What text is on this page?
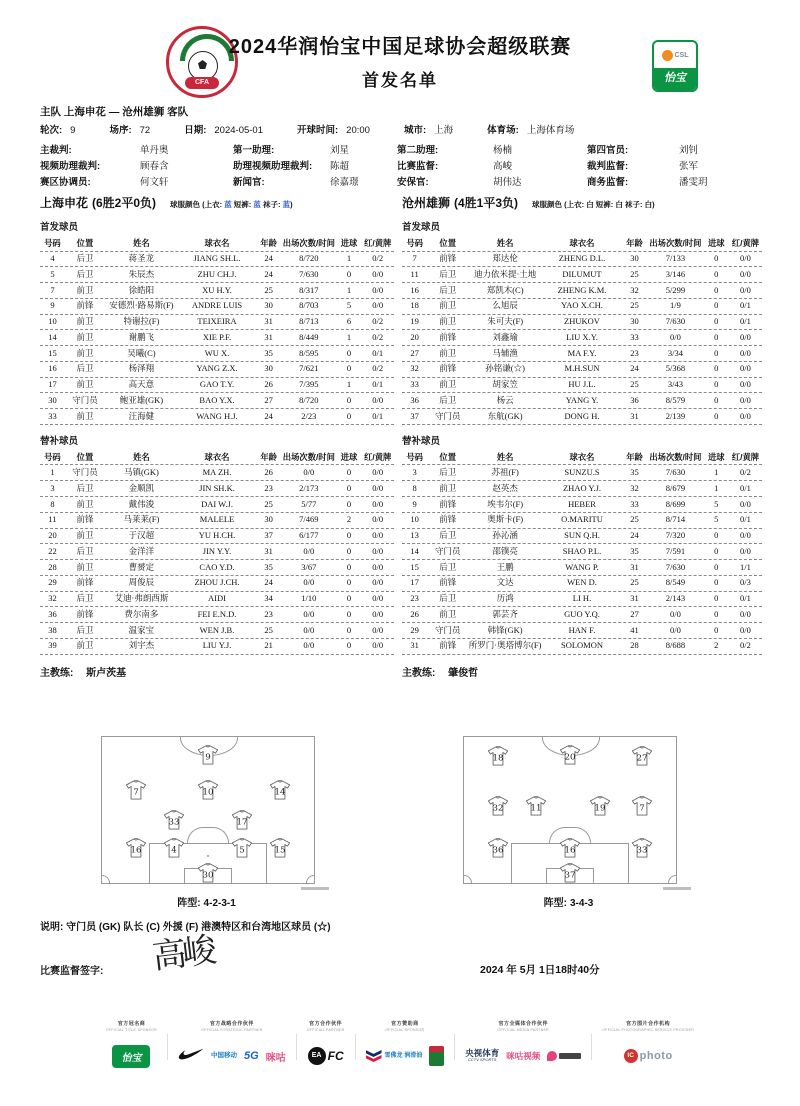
CFA
2024华润怡宝中国足球协会超级联赛
首发名单
CSL
怡宝
主队 上海申花 — 沧州雄狮 客队
轮次: 9	场序: 72	日期: 2024-05-01	开球时间: 20:00	城市: 上海	体育场: 上海体育场
主裁判:	单丹奥	第一助理:	刘星	第二助理:	杨楠	第四官员:	刘钊
视频助理裁判:	顾春含	助理视频助理裁判: 陈超	比赛监督:	高峻	裁判监督:	张军
赛区协调员:	何文轩	新闻官:	徐嘉璟	安保官:	胡伟达	商务监督:	潘雯玥
上海申花 (6胜2平0负) 球服颜色 (上衣: 蓝 短裤: 蓝 袜子: 蓝)
首发球员
号码	位置	姓名	球衣名	年龄 出场次数/时间 进球 红/黄牌
4	后卫	蒋圣龙	JIANG SH.L.	24	8/720	1	0/2
5	后卫	朱辰杰	ZHU CH.J.	24	7/630	0	0/0
7	前卫	徐皓阳	XU H.Y.	25	8/317	1	0/0
9	前锋	安德烈·路易斯(F)	ANDRE LUIS	30	8/703	5	0/0
10	前卫	特谢拉(F)	TEIXEIRA	31	8/713	6	0/2
14	前卫	谢鹏飞	XIE P.F.	31	8/449	1	0/2
15	前卫	吴曦(C)	WU X.	35	8/595	0	0/1
16	后卫	杨泽翔	YANG Z.X.	30	7/621	0	0/2
17	前卫	高天意	GAO T.Y.	26	7/395	1	0/1
30	守门员	鲍亚雄(GK)	BAO Y.X.	27	8/720	0	0/0
33	前卫	汪海健	WANG H.J.	24	2/23	0	0/1
替补球员
号码	位置	姓名	球衣名	年龄 出场次数/时间 进球 红/黄牌
1	守门员	马镇(GK)	MA ZH.	26	0/0	0	0/0
3	后卫	金顺凯	JIN SH.K.	23	2/173	0	0/0
8	前卫	戴伟浚	DAI W.J.	25	5/77	0	0/0
11	前锋	马莱莱(F)	MALELE	30	7/469	2	0/0
20	前卫	于汉超	YU H.CH.	37	6/177	0	0/0
22	后卫	金洋洋	JIN Y.Y.	31	0/0	0	0/0
28	前卫	曹赟定	CAO Y.D.	35	3/67	0	0/0
29	前锋	周俊辰	ZHOU J.CH.	24	0/0	0	0/0
32	后卫	艾迪·弗朗西斯	AIDI	34	1/10	0	0/0
36	前锋	费尔南多	FEI E.N.D.	23	0/0	0	0/0
38	后卫	温家宝	WEN J.B.	25	0/0	0	0/0
39	前卫	刘宇杰	LIU Y.J.	21	0/0	0	0/0
主教练: 斯卢茨基
沧州雄狮 (4胜1平3负) 球服颜色 (上衣: 白 短裤: 白 袜子: 白)
首发球员
号码	位置	姓名	球衣名	年龄 出场次数/时间 进球 红/黄牌
7	前锋	郑达伦	ZHENG D.L.	30	7/133	0	0/0
11	后卫	迪力依米提·土地	DILUMUT	25	3/146	0	0/0
16	后卫	郑凯木(C)	ZHENG K.M.	32	5/299	0	0/0
18	前卫	么旭辰	YAO X.CH.	25	1/9	0	0/1
19	前卫	朱可夫(F)	ZHUKOV	30	7/630	0	0/1
20	前锋	刘鑫瑜	LIU X.Y.	33	0/0	0	0/0
27	前卫	马辅渔	MA F.Y.	23	3/34	0	0/0
32	前锋	孙铭谦(☆)	M.H.SUN	24	5/368	0	0/0
33	前卫	胡家笠	HU J.L.	25	3/43	0	0/0
36	后卫	杨云	YANG Y.	36	8/579	0	0/0
37	守门员	东航(GK)	DONG H.	31	2/139	0	0/0
替补球员
号码	位置	姓名	球衣名	年龄 出场次数/时间 进球 红/黄牌
3	后卫	苏祖(F)	SUNZU.S	35	7/630	1	0/2
8	前卫	赵英杰	ZHAO Y.J.	32	8/679	1	0/1
9	前锋	埃韦尔(F)	HEBER	33	8/699	5	0/0
10	前锋	奥斯卡(F)	O.MARITU	25	8/714	5	0/1
13	后卫	孙沁涵	SUN Q.H.	24	7/320	0	0/0
14	守门员	邵镤亮	SHAO P.L.	35	7/591	0	0/0
15	后卫	王鹏	WANG P.	31	7/630	0	1/1
17	前锋	文达	WEN D.	25	8/549	0	0/3
23	后卫	历鸿	LI H.	31	2/143	0	0/1
26	前卫	郭芸齐	GUO Y.Q.	27	0/0	0	0/0
29	守门员	韩锋(GK)	HAN F.	41	0/0	0	0/0
31	前锋	所罗门·奥塔博尔(F)	SOLOMON	28	8/688	2	0/2
主教练: 肇俊哲
9
7	10	14
33	17
16	4	5	15
30
阵型: 4-2-3-1
18	20	27
32	11	19	7
36	16	33
37
阵型: 3-4-3
说明: 守门员 (GK) 队长 (C) 外援 (F) 港澳特区和台湾地区球员 (☆)
比赛监督签字: 高峻	2024 年 5月 1日18时40分
官方冠名商
OFFICIAL TITLE SPONSOR
怡宝
官方战略合作伙伴
OFFICIAL STRATEGIC PARTNER
中国移动 5G 咪咕
官方合作伙伴
OFFICIAL PARTNER
EA FC
官方赞助商
OFFICIAL SPONSOR
雪佛龙 润滑油
官方全媒体合作伙伴
OFFICIAL MEDIA PARTNER
央视体育
CCTV SPORTS	咪咕视频
官方图片合作机构
OFFICIAL PHOTOGRAPHIC SERVICE PROVIDER
IC photo
